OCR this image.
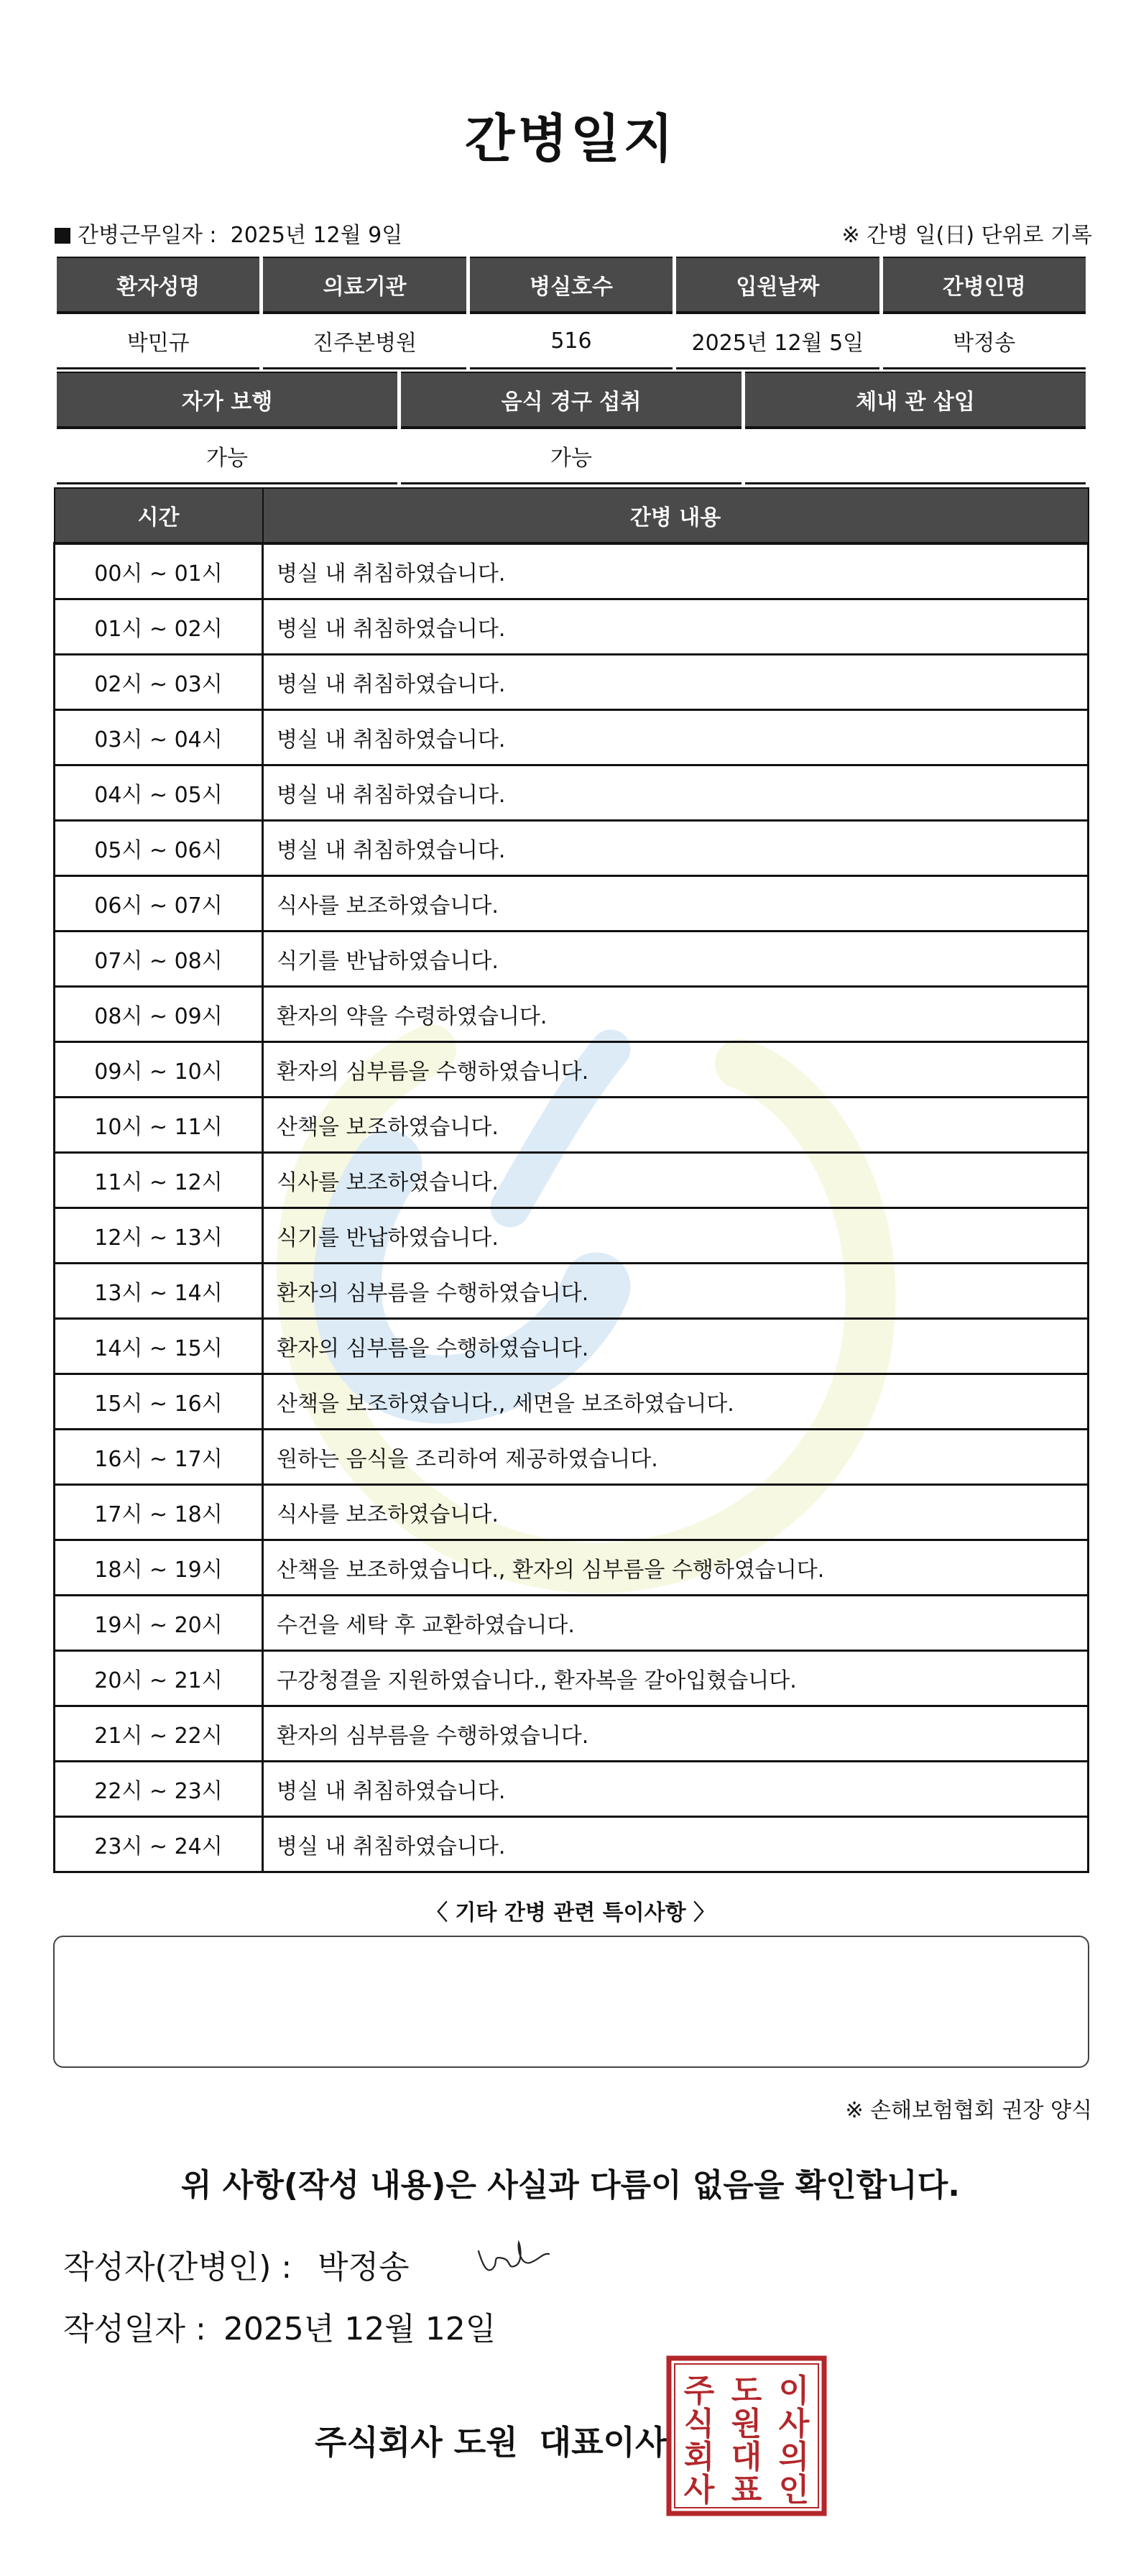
간병일지
간병근무일자 : 2025년 12월 9일	※ 간병 일(日) 단위로 기록
환자성명	의료기관	병실호수	입원날짜	간병인명
박민규	진주본병원	516	2025년 12월 5일	박정송
자가 보행	음식 경구 섭취	체내 관 삽입
가능	가능	
시간	간병 내용
00시 ~ 01시	병실 내 취침하였습니다.
01시 ~ 02시	병실 내 취침하였습니다.
02시 ~ 03시	병실 내 취침하였습니다.
03시 ~ 04시	병실 내 취침하였습니다.
04시 ~ 05시	병실 내 취침하였습니다.
05시 ~ 06시	병실 내 취침하였습니다.
06시 ~ 07시	식사를 보조하였습니다.
07시 ~ 08시	식기를 반납하였습니다.
08시 ~ 09시	환자의 약을 수령하였습니다.
09시 ~ 10시	환자의 심부름을 수행하였습니다.
10시 ~ 11시	산책을 보조하였습니다.
11시 ~ 12시	식사를 보조하였습니다.
12시 ~ 13시	식기를 반납하였습니다.
13시 ~ 14시	환자의 심부름을 수행하였습니다.
14시 ~ 15시	환자의 심부름을 수행하였습니다.
15시 ~ 16시	산책을 보조하였습니다., 세면을 보조하였습니다.
16시 ~ 17시	원하는 음식을 조리하여 제공하였습니다.
17시 ~ 18시	식사를 보조하였습니다.
18시 ~ 19시	산책을 보조하였습니다., 환자의 심부름을 수행하였습니다.
19시 ~ 20시	수건을 세탁 후 교환하였습니다.
20시 ~ 21시	구강청결을 지원하였습니다., 환자복을 갈아입혔습니다.
21시 ~ 22시	환자의 심부름을 수행하였습니다.
22시 ~ 23시	병실 내 취침하였습니다.
23시 ~ 24시	병실 내 취침하였습니다.
〈 기타 간병 관련 특이사항 〉
※ 손해보험협회 권장 양식
위 사항(작성 내용)은 사실과 다름이 없음을 확인합니다.
작성자(간병인) : 박정송
작성일자 : 2025년 12월 12일
주식회사 도원 대표이사
주
식
회
사
도
원
대
표
이
사
의
인
